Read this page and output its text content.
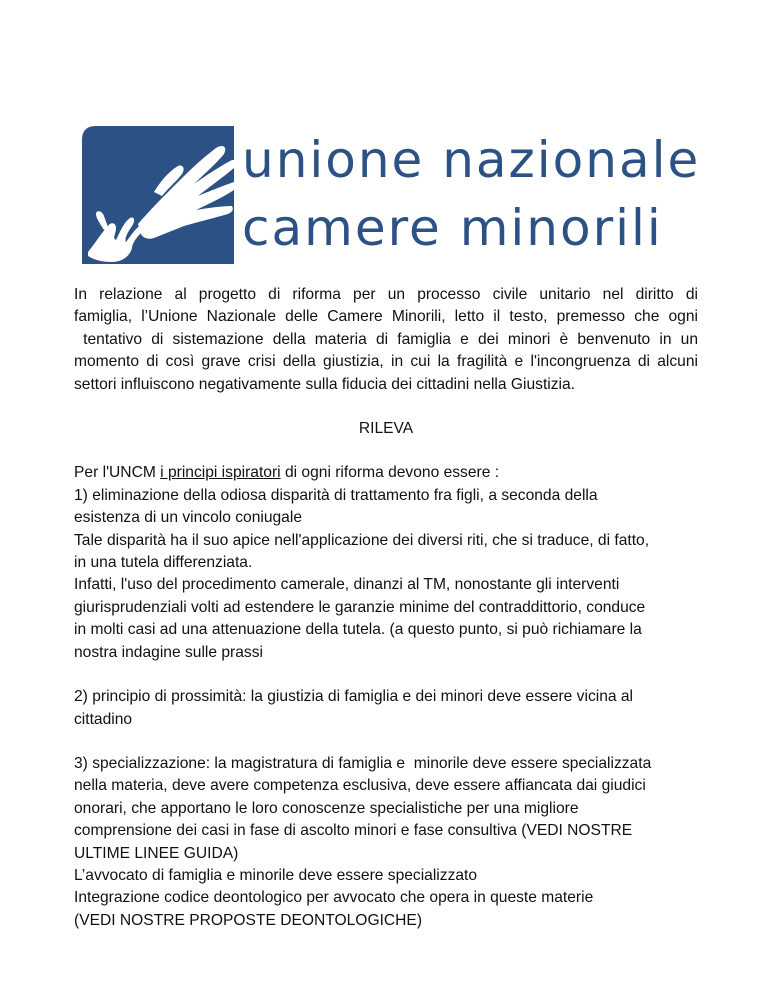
unione nazionale
camere minorili

In relazione al progetto di riforma per un processo civile unitario nel diritto di

famiglia, l’Unione Nazionale delle Camere Minorili, letto il testo, premesso che ogni

tentativo di sistemazione della materia di famiglia e dei minori è benvenuto in un

momento di così grave crisi della giustizia, in cui la fragilità e l'incongruenza di alcuni

settori influiscono negativamente sulla fiducia dei cittadini nella Giustizia.

RILEVA

Per l'UNCM i principi ispiratori di ogni riforma devono essere :

1) eliminazione della odiosa disparità di trattamento fra figli, a seconda della

esistenza di un vincolo coniugale

Tale disparità ha il suo apice nell'applicazione dei diversi riti, che si traduce, di fatto,

in una tutela differenziata.

Infatti, l'uso del procedimento camerale, dinanzi al TM, nonostante gli interventi

giurisprudenziali volti ad estendere le garanzie minime del contraddittorio, conduce

in molti casi ad una attenuazione della tutela. (a questo punto, si può richiamare la

nostra indagine sulle prassi

2) principio di prossimità: la giustizia di famiglia e dei minori deve essere vicina al

cittadino

3) specializzazione: la magistratura di famiglia e  minorile deve essere specializzata

nella materia, deve avere competenza esclusiva, deve essere affiancata dai giudici

onorari, che apportano le loro conoscenze specialistiche per una migliore

comprensione dei casi in fase di ascolto minori e fase consultiva (VEDI NOSTRE

ULTIME LINEE GUIDA)

L’avvocato di famiglia e minorile deve essere specializzato

Integrazione codice deontologico per avvocato che opera in queste materie

(VEDI NOSTRE PROPOSTE DEONTOLOGICHE)
